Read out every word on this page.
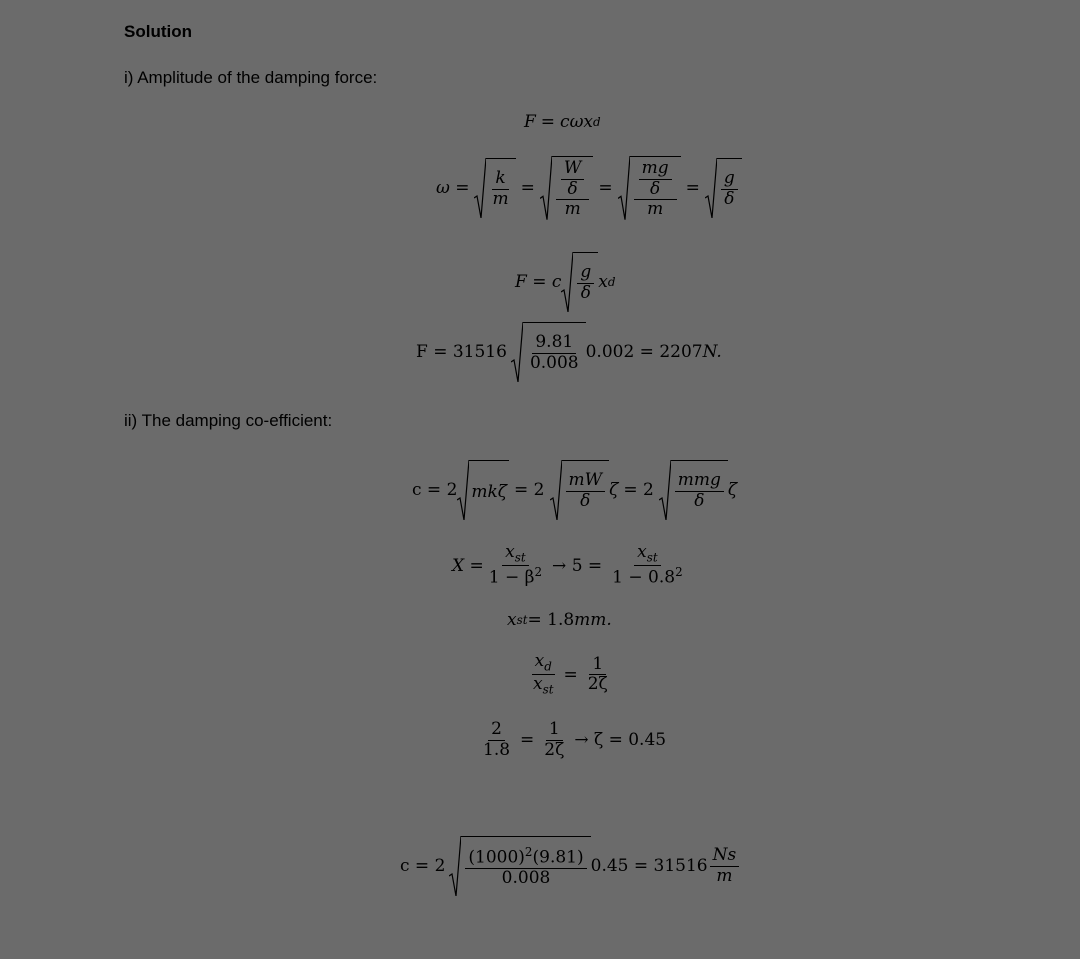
Solution
i) Amplitude of the damping force:
ii) The damping co-efficient:
F = cωx d
$\omega = \frac{k}{m} = \frac{\frac{W}{\delta}}{m} = \frac{\frac{mg}{\delta}}{m} = \frac{g}{\delta}$
F = c $\frac{g}{\delta}$ x d
$F = 31516 \frac{9.81}{0.008} 0.002 = 2207$ N.
c = 2 $mk\zeta = 2 \frac{mW}{\delta}$ $\zeta = 2 \frac{\text{mmg}}{\delta}$ ζ
$X = \frac{x_{st}}{1 - \beta^2} \to 5 = \frac{x_{st}}{1 - 0.8^2}$
x st = 1.8 mm.
$\frac{x_d}{x_{st}} = \frac{1}{2\zeta}$
$\frac{2}{1.8} = \frac{1}{2\zeta} \to \zeta = 0.45$
$c = 2 \frac{(1000)^2(9.81)}{0.008} 0.45 = 31516 \frac{Ns}{m}$
